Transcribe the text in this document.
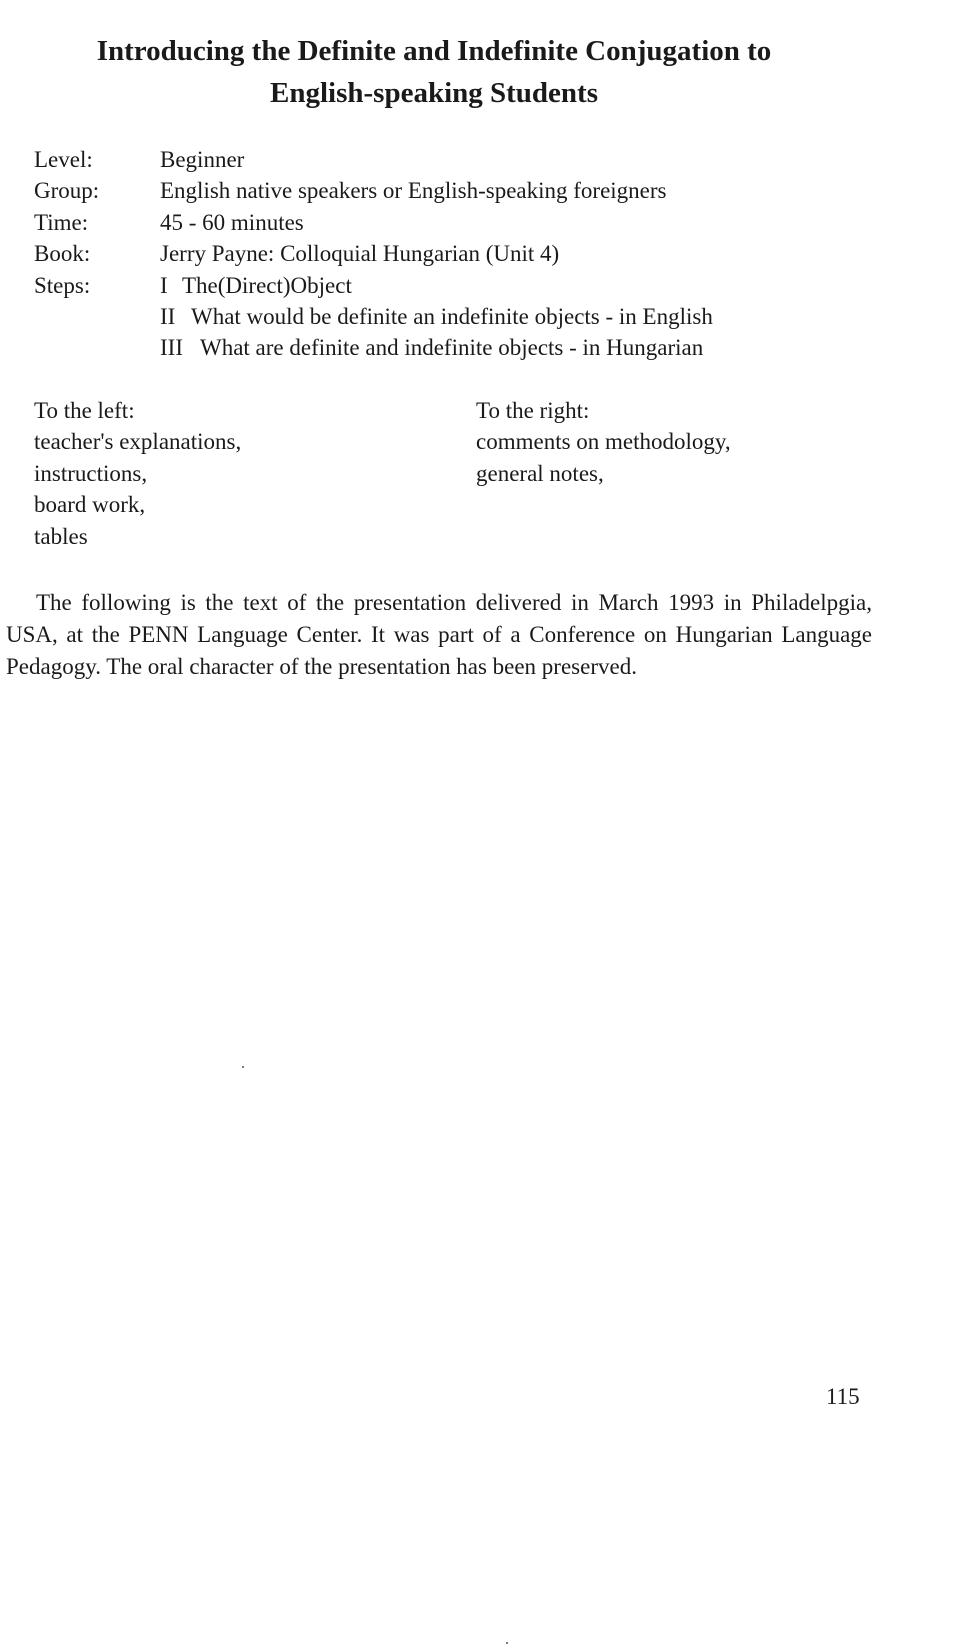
Introducing the Definite and Indefinite Conjugation to
English-speaking Students
Level:	Beginner
Group:	English native speakers or English-speaking foreigners
Time:	45 - 60 minutes
Book:	Jerry Payne: Colloquial Hungarian (Unit 4)
Steps:	I The(Direct)Object
II What would be definite an indefinite objects - in English
III What are definite and indefinite objects - in Hungarian
To the left:
teacher's explanations,
instructions,
board work,
tables
To the right:
comments on methodology,
general notes,

The following is the text of the presentation delivered in March 1993 in Philadelpgia, USA, at the PENN Language Center. It was part of a Conference on Hungarian Language Pedagogy. The oral character of the presentation has been preserved.

115
